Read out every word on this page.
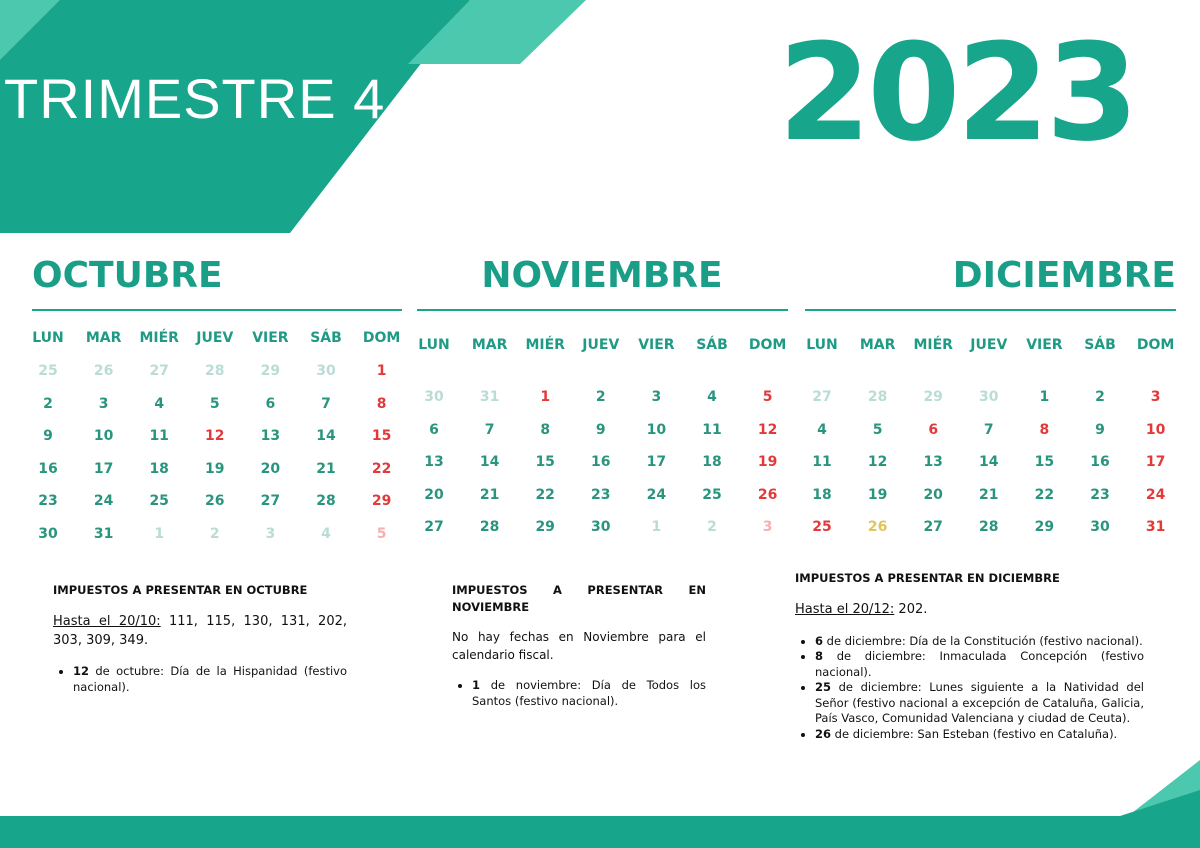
TRIMESTRE 4	2023
OCTUBRE
LUN	MAR MIÉR JUEV VIER	SÁB	DOM
25	26	27	28	29	30	1
2	3	4	5	6	7	8
9	10	11	12	13	14	15
16	17	18	19	20	21	22
23	24	25	26	27	28	29
30	31	1	2	3	4	5
NOVIEMBRE
LUN	MAR MIÉR JUEV VIER	SÁB	DOM
30	31	1	2	3	4	5
6	7	8	9	10	11	12
13	14	15	16	17	18	19
20	21	22	23	24	25	26
27	28	29	30	1	2	3
DICIEMBRE
LUN	MAR MIÉR JUEV VIER	SÁB	DOM
27	28	29	30	1	2	3
4	5	6	7	8	9	10
11	12	13	14	15	16	17
18	19	20	21	22	23	24
25	26	27	28	29	30	31
IMPUESTOS A PRESENTAR EN OCTUBRE

Hasta el 20/10: 111, 115, 130, 131, 202, 303, 309, 349.

• 12 de octubre: Día de la Hispanidad (festivo nacional).
IMPUESTOS A PRESENTAR EN NOVIEMBRE

No hay fechas en Noviembre para el calendario fiscal.

• 1 de noviembre: Día de Todos los Santos (festivo nacional).
IMPUESTOS A PRESENTAR EN DICIEMBRE

Hasta el 20/12: 202.

• 6 de diciembre: Día de la Constitución (festivo nacional).
• 8 de diciembre: Inmaculada Concepción (festivo nacional).
• 25 de diciembre: Lunes siguiente a la Natividad del Señor (festivo nacional a excepción de Cataluña, Galicia, País Vasco, Comunidad Valenciana y ciudad de Ceuta).
• 26 de diciembre: San Esteban (festivo en Cataluña).
